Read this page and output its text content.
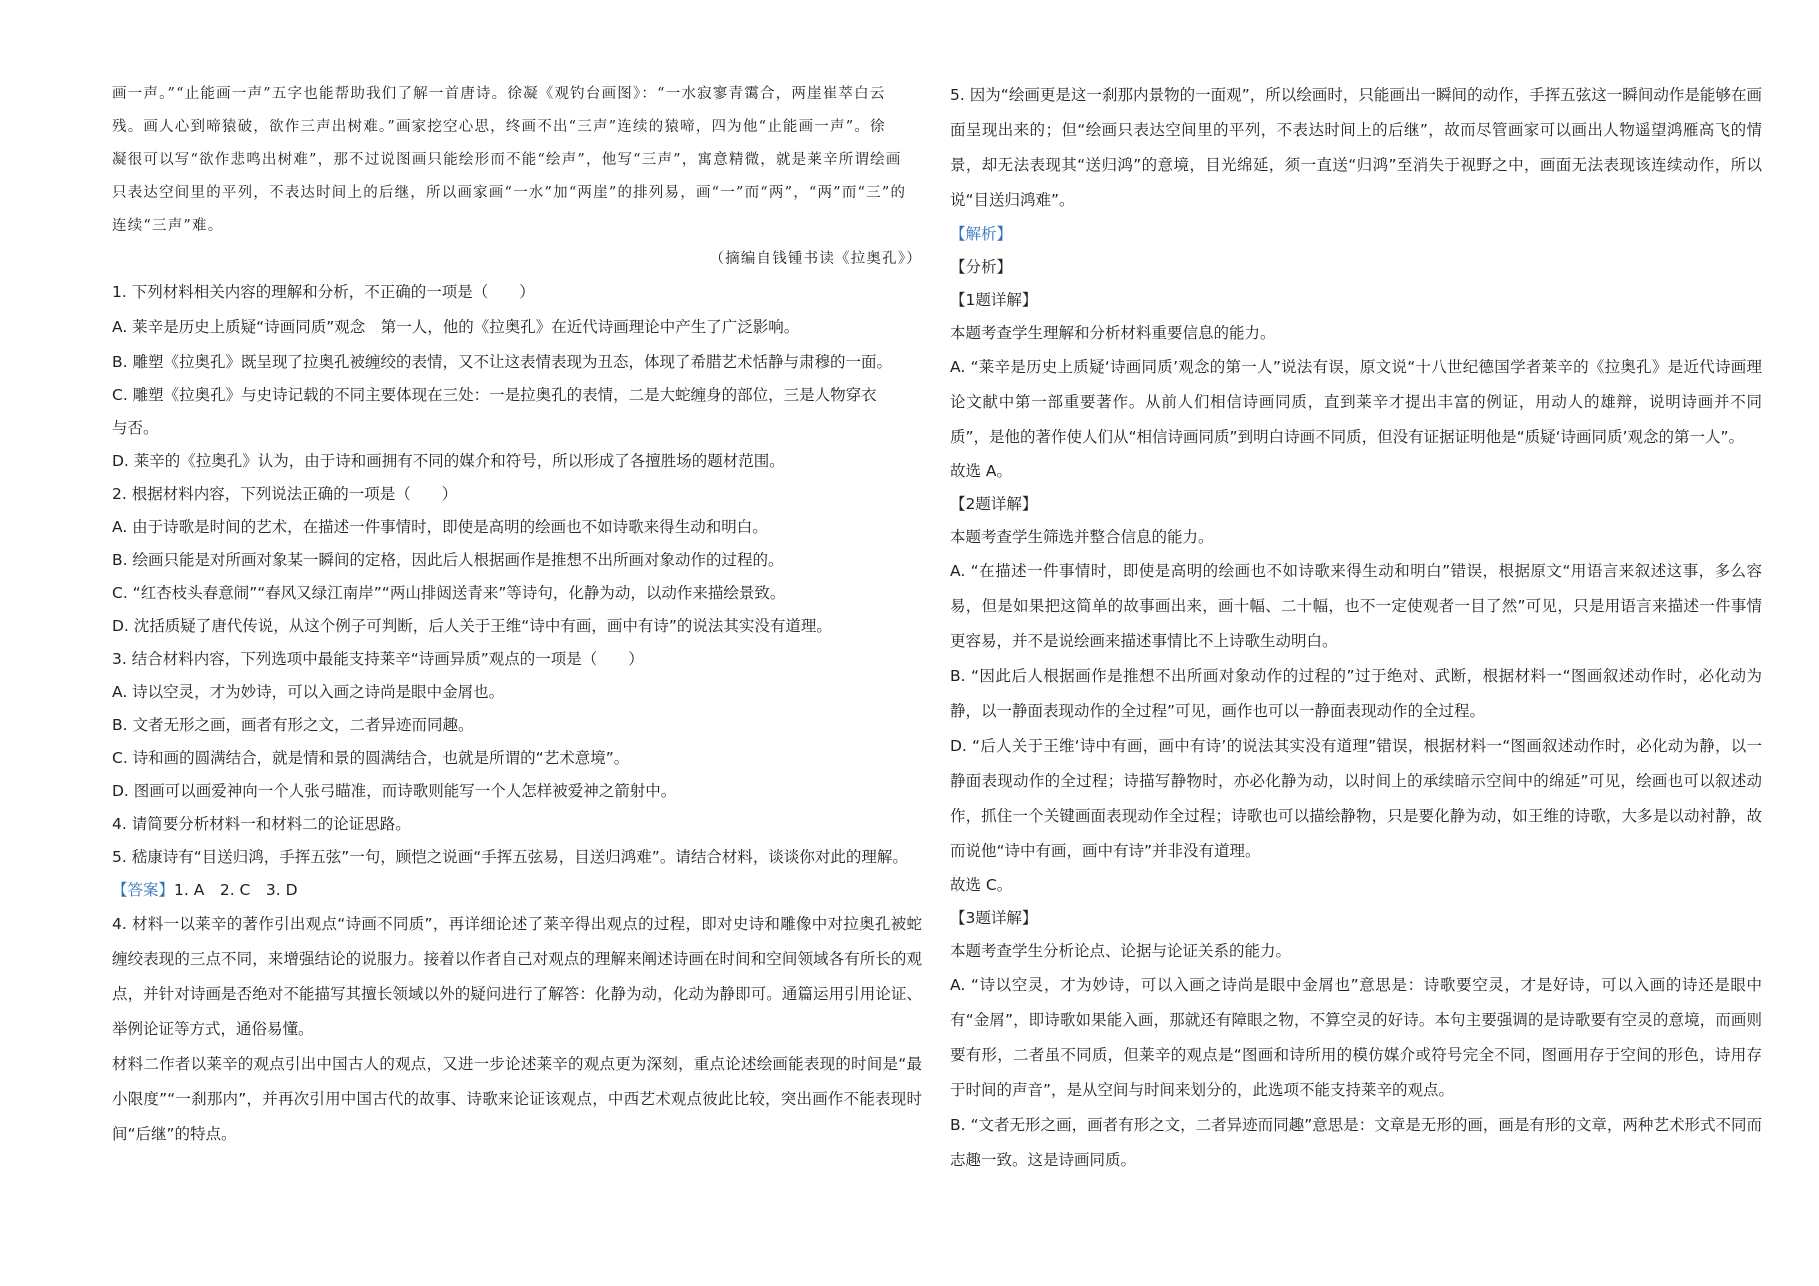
画一声。”“止能画一声”五字也能帮助我们了解一首唐诗。徐凝《观钓台画图》：“一水寂寥青霭合，两崖崔萃白云
残。画人心到啼猿破，欲作三声出树难。”画家挖空心思，终画不出“三声”连续的猿啼，四为他“止能画一声”。徐
凝很可以写“欲作悲鸣出树难”，那不过说图画只能绘形而不能“绘声”，他写“三声”，寓意精微，就是莱辛所谓绘画
只表达空间里的平列，不表达时间上的后继，所以画家画“一水”加“两崖”的排列易，画“一”而“两”，“两”而“三”的
连续“三声”难。
（摘编自钱锺书读《拉奥孔》）
1. 下列材料相关内容的理解和分析，不正确的一项是（　　）
A. 莱辛是历史上质疑“诗画同质”观念　第一人，他的《拉奥孔》在近代诗画理论中产生了广泛影响。
B. 雕塑《拉奥孔》既呈现了拉奥孔被缠绞的表情，又不让这表情表现为丑态，体现了希腊艺术恬静与肃穆的一面。
C. 雕塑《拉奥孔》与史诗记载的不同主要体现在三处：一是拉奥孔的表情，二是大蛇缠身的部位，三是人物穿衣
与否。
D. 莱辛的《拉奥孔》认为，由于诗和画拥有不同的媒介和符号，所以形成了各擅胜场的题材范围。
2. 根据材料内容，下列说法正确的一项是（　　）
A. 由于诗歌是时间的艺术，在描述一件事情时，即使是高明的绘画也不如诗歌来得生动和明白。
B. 绘画只能是对所画对象某一瞬间的定格，因此后人根据画作是推想不出所画对象动作的过程的。
C. “红杏枝头春意闹”“春风又绿江南岸”“两山排闼送青来”等诗句，化静为动，以动作来描绘景致。
D. 沈括质疑了唐代传说，从这个例子可判断，后人关于王维“诗中有画，画中有诗”的说法其实没有道理。
3. 结合材料内容，下列选项中最能支持莱辛“诗画异质”观点的一项是（　　）
A. 诗以空灵，才为妙诗，可以入画之诗尚是眼中金屑也。
B. 文者无形之画，画者有形之文，二者异迹而同趣。
C. 诗和画的圆满结合，就是情和景的圆满结合，也就是所谓的“艺术意境”。
D. 图画可以画爱神向一个人张弓瞄准，而诗歌则能写一个人怎样被爱神之箭射中。
4. 请简要分析材料一和材料二的论证思路。
5. 嵇康诗有“目送归鸿，手挥五弦”一句，顾恺之说画“手挥五弦易，目送归鸿难”。请结合材料，谈谈你对此的理解。
【答案】1. A　2. C　3. D

4. 材料一以莱辛的著作引出观点“诗画不同质”，再详细论述了莱辛得出观点的过程，即对史诗和雕像中对拉奥孔被蛇缠绞表现的三点不同，来增强结论的说服力。接着以作者自己对观点的理解来阐述诗画在时间和空间领域各有所长的观点，并针对诗画是否绝对不能描写其擅长领域以外的疑问进行了解答：化静为动，化动为静即可。通篇运用引用论证、举例论证等方式，通俗易懂。

材料二作者以莱辛的观点引出中国古人的观点，又进一步论述莱辛的观点更为深刻，重点论述绘画能表现的时间是“最小限度”“一刹那内”，并再次引用中国古代的故事、诗歌来论证该观点，中西艺术观点彼此比较，突出画作不能表现时间“后继”的特点。

5. 因为“绘画更是这一刹那内景物的一面观”，所以绘画时，只能画出一瞬间的动作，手挥五弦这一瞬间动作是能够在画面呈现出来的；但“绘画只表达空间里的平列，不表达时间上的后继”，故而尽管画家可以画出人物遥望鸿雁高飞的情景，却无法表现其“送归鸿”的意境，目光绵延，须一直送“归鸿”至消失于视野之中，画面无法表现该连续动作，所以说“目送归鸿难”。

【解析】
【分析】
【1题详解】
本题考查学生理解和分析材料重要信息的能力。

A. “莱辛是历史上质疑‘诗画同质’观念的第一人”说法有误，原文说“十八世纪德国学者莱辛的《拉奥孔》是近代诗画理论文献中第一部重要著作。从前人们相信诗画同质，直到莱辛才提出丰富的例证，用动人的雄辩，说明诗画并不同质”，是他的著作使人们从“相信诗画同质”到明白诗画不同质，但没有证据证明他是“质疑‘诗画同质’观念的第一人”。

故选 A。
【2题详解】
本题考查学生筛选并整合信息的能力。

A. “在描述一件事情时，即使是高明的绘画也不如诗歌来得生动和明白”错误，根据原文“用语言来叙述这事，多么容易，但是如果把这简单的故事画出来，画十幅、二十幅，也不一定使观者一目了然”可见，只是用语言来描述一件事情更容易，并不是说绘画来描述事情比不上诗歌生动明白。

B. “因此后人根据画作是推想不出所画对象动作的过程的”过于绝对、武断，根据材料一“图画叙述动作时，必化动为静，以一静面表现动作的全过程”可见，画作也可以一静面表现动作的全过程。

D. “后人关于王维‘诗中有画，画中有诗’的说法其实没有道理”错误，根据材料一“图画叙述动作时，必化动为静，以一静面表现动作的全过程；诗描写静物时，亦必化静为动，以时间上的承续暗示空间中的绵延”可见，绘画也可以叙述动作，抓住一个关键画面表现动作全过程；诗歌也可以描绘静物，只是要化静为动，如王维的诗歌，大多是以动衬静，故而说他“诗中有画，画中有诗”并非没有道理。

故选 C。
【3题详解】
本题考查学生分析论点、论据与论证关系的能力。

A. “诗以空灵，才为妙诗，可以入画之诗尚是眼中金屑也”意思是：诗歌要空灵，才是好诗，可以入画的诗还是眼中有“金屑”，即诗歌如果能入画，那就还有障眼之物，不算空灵的好诗。本句主要强调的是诗歌要有空灵的意境，而画则要有形，二者虽不同质，但莱辛的观点是“图画和诗所用的模仿媒介或符号完全不同，图画用存于空间的形色，诗用存于时间的声音”，是从空间与时间来划分的，此选项不能支持莱辛的观点。

B. “文者无形之画，画者有形之文，二者异迹而同趣”意思是：文章是无形的画，画是有形的文章，两种艺术形式不同而志趣一致。这是诗画同质。
